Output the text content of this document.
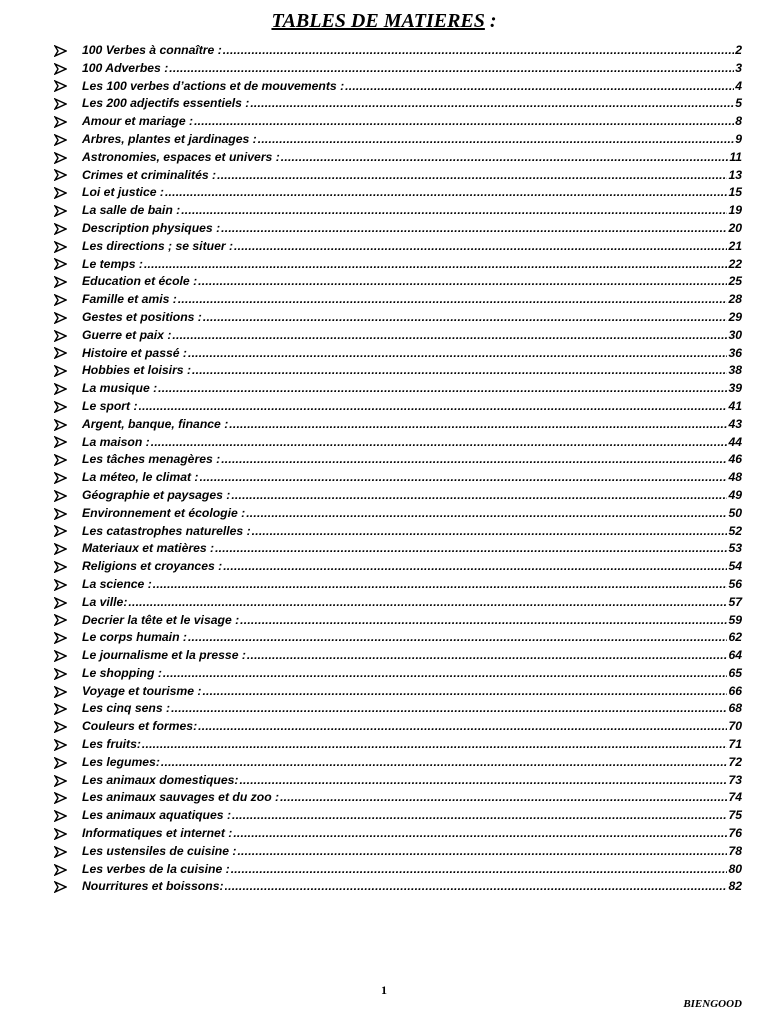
TABLES DE MATIERES :
100 Verbes à connaître : .....	2
100 Adverbes : .....	3
Les 100 verbes d’actions et de mouvements : .....	4
Les 200 adjectifs essentiels : .....	5
Amour et mariage : .....	8
Arbres, plantes et jardinages : .....	9
Astronomies, espaces et univers : .....	11
Crimes et criminalités : .....	13
Loi et justice : .....	15
La salle de bain : .....	19
Description physiques : .....	20
Les directions ; se situer : .....	21
Le temps : .....	22
Education et école : .....	25
Famille et amis : .....	28
Gestes et positions : .....	29
Guerre et paix : .....	30
Histoire et passé : .....	36
Hobbies et loisirs : .....	38
La musique : .....	39
Le sport : .....	41
Argent, banque, finance : .....	43
La maison : .....	44
Les tâches menagères : .....	46
La méteo, le climat : .....	48
Géographie et paysages : .....	49
Environnement et écologie : .....	50
Les catastrophes naturelles : .....	52
Materiaux et matières : .....	53
Religions et croyances : .....	54
La science : .....	56
La ville: .....	57
Decrier la tête et le visage : .....	59
Le corps humain : .....	62
Le journalisme et la presse : .....	64
Le shopping : .....	65
Voyage et tourisme : .....	66
Les cinq sens : .....	68
Couleurs et formes: .....	70
Les fruits: .....	71
Les legumes: .....	72
Les animaux domestiques: .....	73
Les animaux sauvages et du zoo : .....	74
Les animaux aquatiques : .....	75
Informatiques et internet : .....	76
Les ustensiles de cuisine : .....	78
Les verbes de la cuisine : .....	80
Nourritures et boissons: .....	82
1
BIENGOOD
